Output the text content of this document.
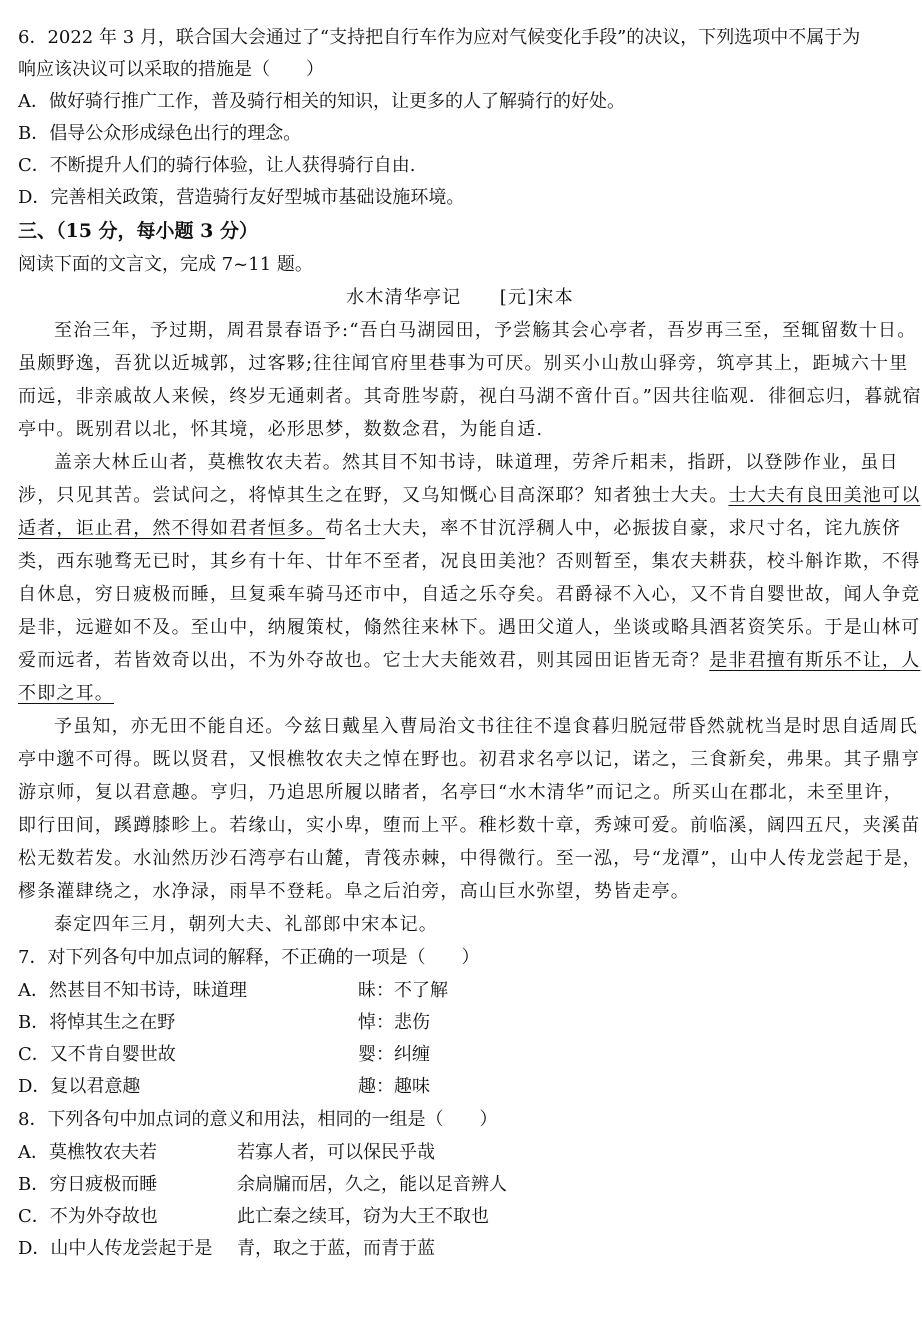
6．2022 年 3 月，联合国大会通过了“支持把自行车作为应对气候变化手段”的决议，下列选项中不属于为
响应该决议可以采取的措施是（　　）
A．做好骑行推广工作，普及骑行相关的知识，让更多的人了解骑行的好处。
B．倡导公众形成绿色出行的理念。
C．不断提升人们的骑行体验，让人获得骑行自由.
D．完善相关政策，营造骑行友好型城市基础设施环境。
三、（15 分，每小题 3 分）
阅读下面的文言文，完成 7~11 题。
水木清华亭记　　[元]宋本
至治三年，予过期，周君景春语予:“吾白马湖园田，予尝觞其会心亭者，吾岁再三至，至辄留数十日。
虽颇野逸，吾犹以近城郭，过客夥;往往闻官府里巷事为可厌。别买小山敖山驿旁，筑亭其上，距城六十里
而远，非亲戚故人来候，终岁无通刺者。其奇胜岑蔚，视白马湖不啻什百。”因共往临观．徘徊忘归，暮就宿
亭中。既别君以北，怀其境，必形思梦，数数念君，为能自适.
盖亲大林丘山者，莫樵牧农夫若。然其目不知书诗，昧道理，劳斧斤耜耒，指趼，以登陟作业，虽日
涉，只见其苦。尝试问之，将悼其生之在野，又乌知慨心目高深耶？知者独士大夫。士大夫有良田美池可以
适者，讵止君，然不得如君者恒多。苟名士大夫，率不甘沉浮稠人中，必振拔自豪，求尺寸名，诧九族侪
类，西东驰骛无已时，其乡有十年、廿年不至者，况良田美池？否则暂至，集农夫耕获，校斗斛诈欺，不得
自休息，穷日疲极而睡，旦复乘车骑马还市中，自适之乐夺矣。君爵禄不入心，又不肯自婴世故，闻人争竞
是非，远避如不及。至山中，纳履策杖，翛然往来林下。遇田父道人，坐谈或略具酒茗资笑乐。于是山林可
爱而远者，若皆效奇以出，不为外夺故也。它士大夫能效君，则其园田讵皆无奇？是非君擅有斯乐不让，人
不即之耳。
予虽知，亦无田不能自还。今兹日戴星入曹局治文书往往不遑食暮归脱冠带昏然就枕当是时思自适周氏
亭中邈不可得。既以贤君，又恨樵牧农夫之悼在野也。初君求名亭以记，诺之，三食新矣，弗果。其子鼎亨
游京师，复以君意趣。亨归，乃追思所履以睹者，名亭曰“水木清华”而记之。所买山在郡北，未至里许，
即行田间，蹊蹲膝畛上。若缘山，实小卑，堕而上平。稚杉数十章，秀竦可爱。前临溪，阔四五尺，夹溪苗
松无数若发。水汕然历沙石湾亭右山麓，青筏赤棘，中得微行。至一泓，号“龙潭”，山中人传龙尝起于是，
樛条灌肆绕之，水净渌，雨旱不登耗。阜之后泊旁，高山巨水弥望，势皆走亭。
泰定四年三月，朝列大夫、礼部郎中宋本记。
7．对下列各句中加点词的解释，不正确的一项是（　　）
A．然甚目不知书诗，昧道理	昧：不了解
B．将悼其生之在野	悼：悲伤
C．又不肯自婴世故	婴：纠缠
D．复以君意趣	趣：趣味
8．下列各句中加点词的意义和用法，相同的一组是（　　）
A．莫樵牧农夫若	若寡人者，可以保民乎哉
B．穷日疲极而睡	余扃牖而居，久之，能以足音辨人
C．不为外夺故也	此亡秦之续耳，窃为大王不取也
D．山中人传龙尝起于是 青，取之于蓝，而青于蓝
